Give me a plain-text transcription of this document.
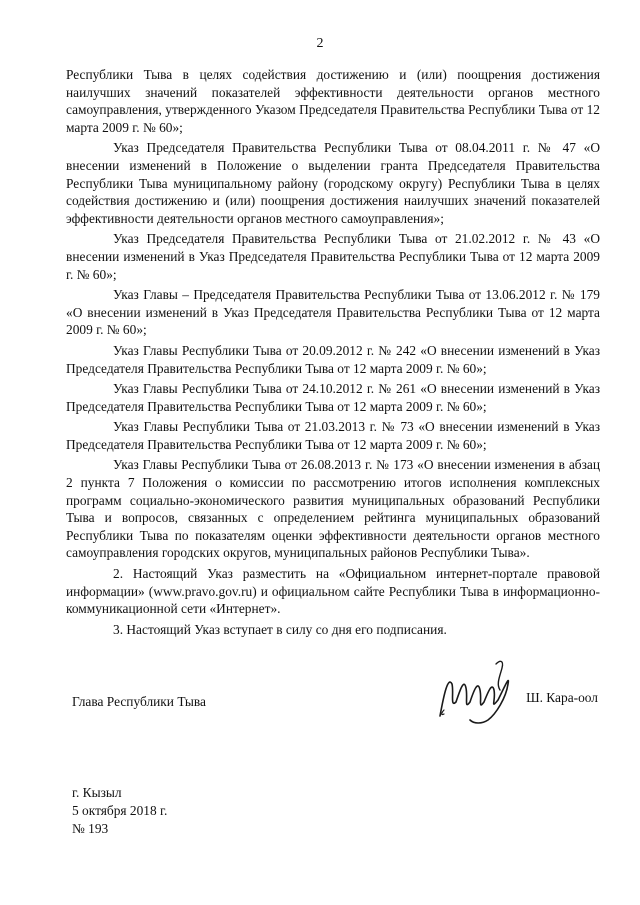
2

Республики Тыва в целях содействия достижению и (или) поощрения достижения наилучших значений показателей эффективности деятельности органов местного самоуправления, утвержденного Указом Председателя Правительства Республики Тыва от 12 марта 2009 г. № 60»;

Указ Председателя Правительства Республики Тыва от 08.04.2011 г. № 47 «О внесении изменений в Положение о выделении гранта Председателя Правительства Республики Тыва муниципальному району (городскому округу) Республики Тыва в целях содействия достижению и (или) поощрения достижения наилучших значений показателей эффективности деятельности органов местного самоуправления»;

Указ Председателя Правительства Республики Тыва от 21.02.2012 г. № 43 «О внесении изменений в Указ Председателя Правительства Республики Тыва от 12 марта 2009 г. № 60»;

Указ Главы – Председателя Правительства Республики Тыва от 13.06.2012 г. № 179 «О внесении изменений в Указ Председателя Правительства Республики Тыва от 12 марта 2009 г. № 60»;

Указ Главы Республики Тыва от 20.09.2012 г. № 242 «О внесении изменений в Указ Председателя Правительства Республики Тыва от 12 марта 2009 г. № 60»;

Указ Главы Республики Тыва от 24.10.2012 г. № 261 «О внесении изменений в Указ Председателя Правительства Республики Тыва от 12 марта 2009 г. № 60»;

Указ Главы Республики Тыва от 21.03.2013 г. № 73 «О внесении изменений в Указ Председателя Правительства Республики Тыва от 12 марта 2009 г. № 60»;

Указ Главы Республики Тыва от 26.08.2013 г. № 173 «О внесении изменения в абзац 2 пункта 7 Положения о комиссии по рассмотрению итогов исполнения комплексных программ социально-экономического развития муниципальных образований Республики Тыва и вопросов, связанных с определением рейтинга муниципальных образований Республики Тыва по показателям оценки эффективности деятельности органов местного самоуправления городских округов, муниципальных районов Республики Тыва».

2. Настоящий Указ разместить на «Официальном интернет-портале правовой информации» (www.pravo.gov.ru) и официальном сайте Республики Тыва в информационно-коммуникационной сети «Интернет».

3. Настоящий Указ вступает в силу со дня его подписания.

Глава Республики Тыва	Ш. Кара-оол
г. Кызыл
5 октября 2018 г.
№ 193
